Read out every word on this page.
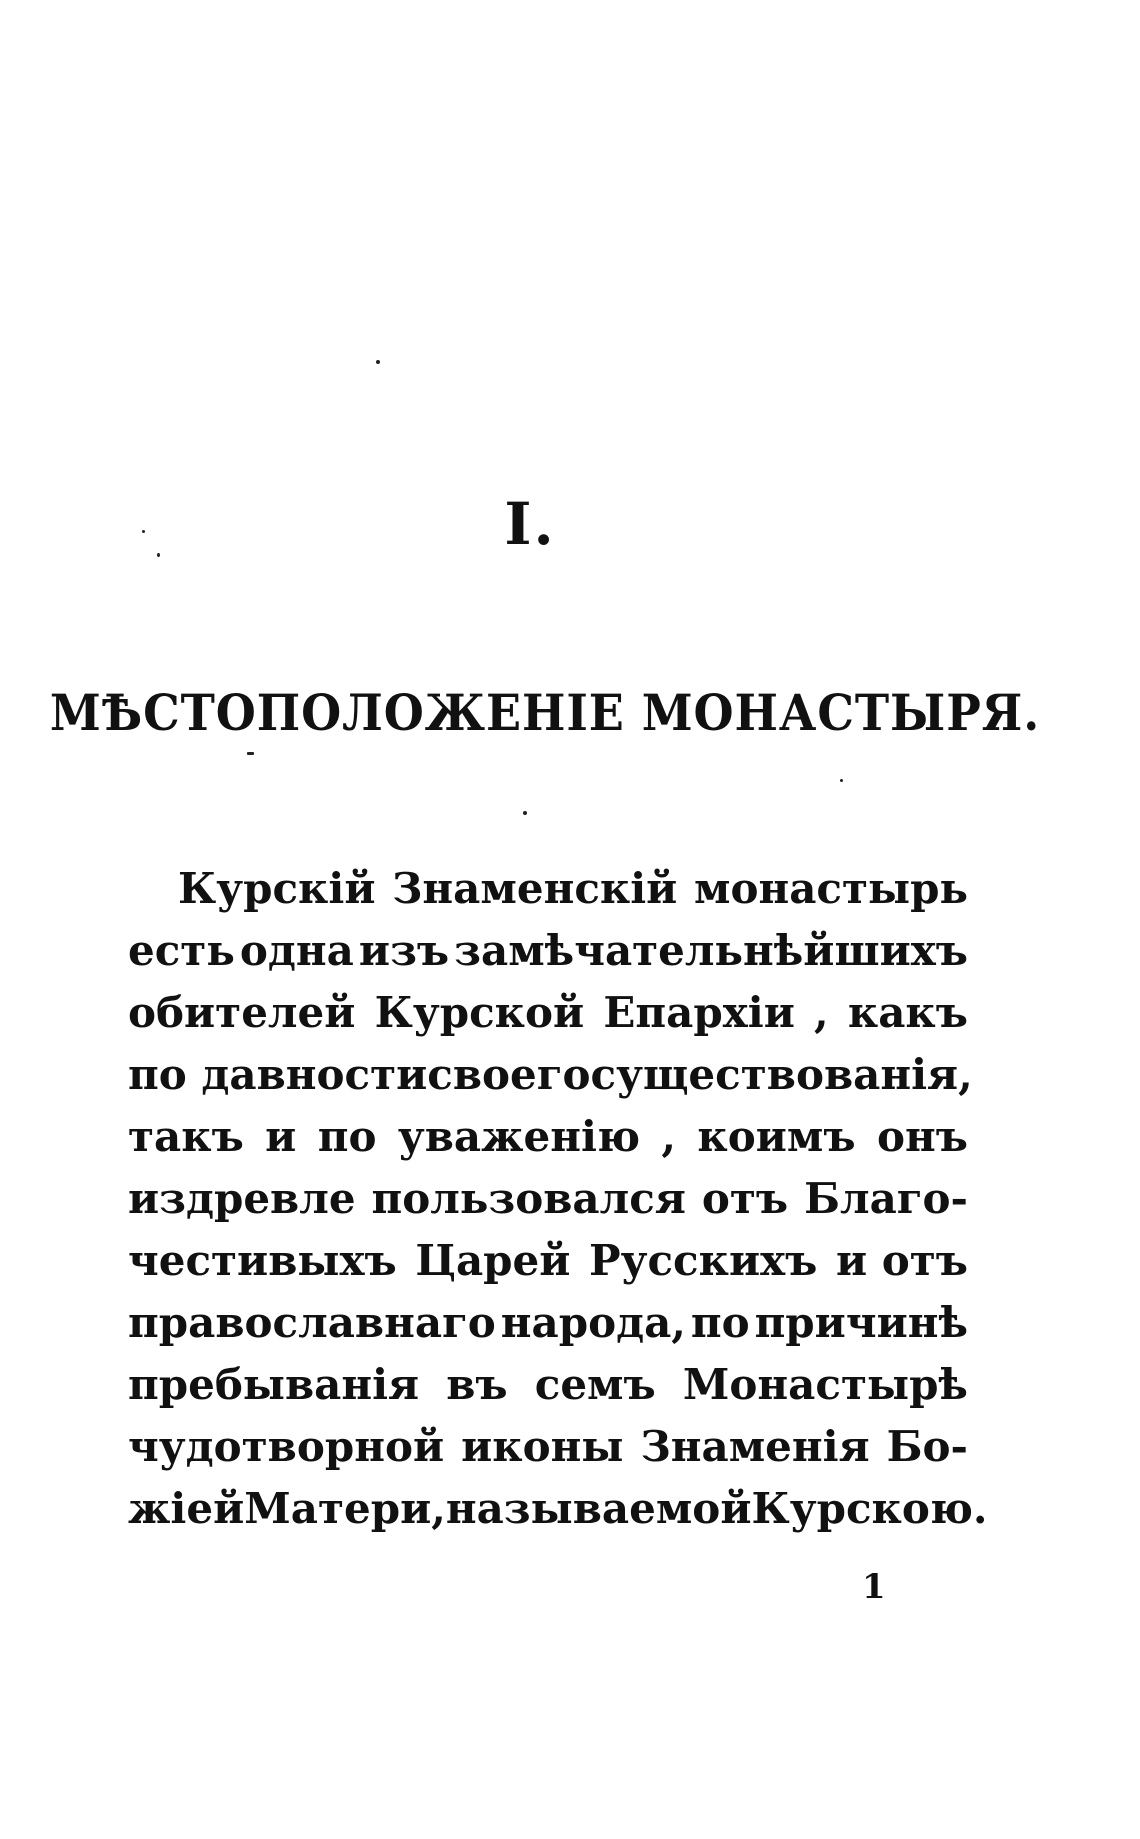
I.
МѢСТОПОЛОЖЕНІЕ МОНАСТЫРЯ.
Курскій Знаменскій монастырь
есть одна изъ замѣчательнѣйшихъ
обителей Курской Епархіи , какъ
по давности своего существованія,
такъ и по уваженію , коимъ онъ
издревле пользовался отъ Благо-
честивыхъ Царей Русскихъ и отъ
православнаго народа, по причинѣ
пребыванія въ семъ Монастырѣ
чудотворной иконы Знаменія Бо-
жіей Матери, называемой Курскою.
1
